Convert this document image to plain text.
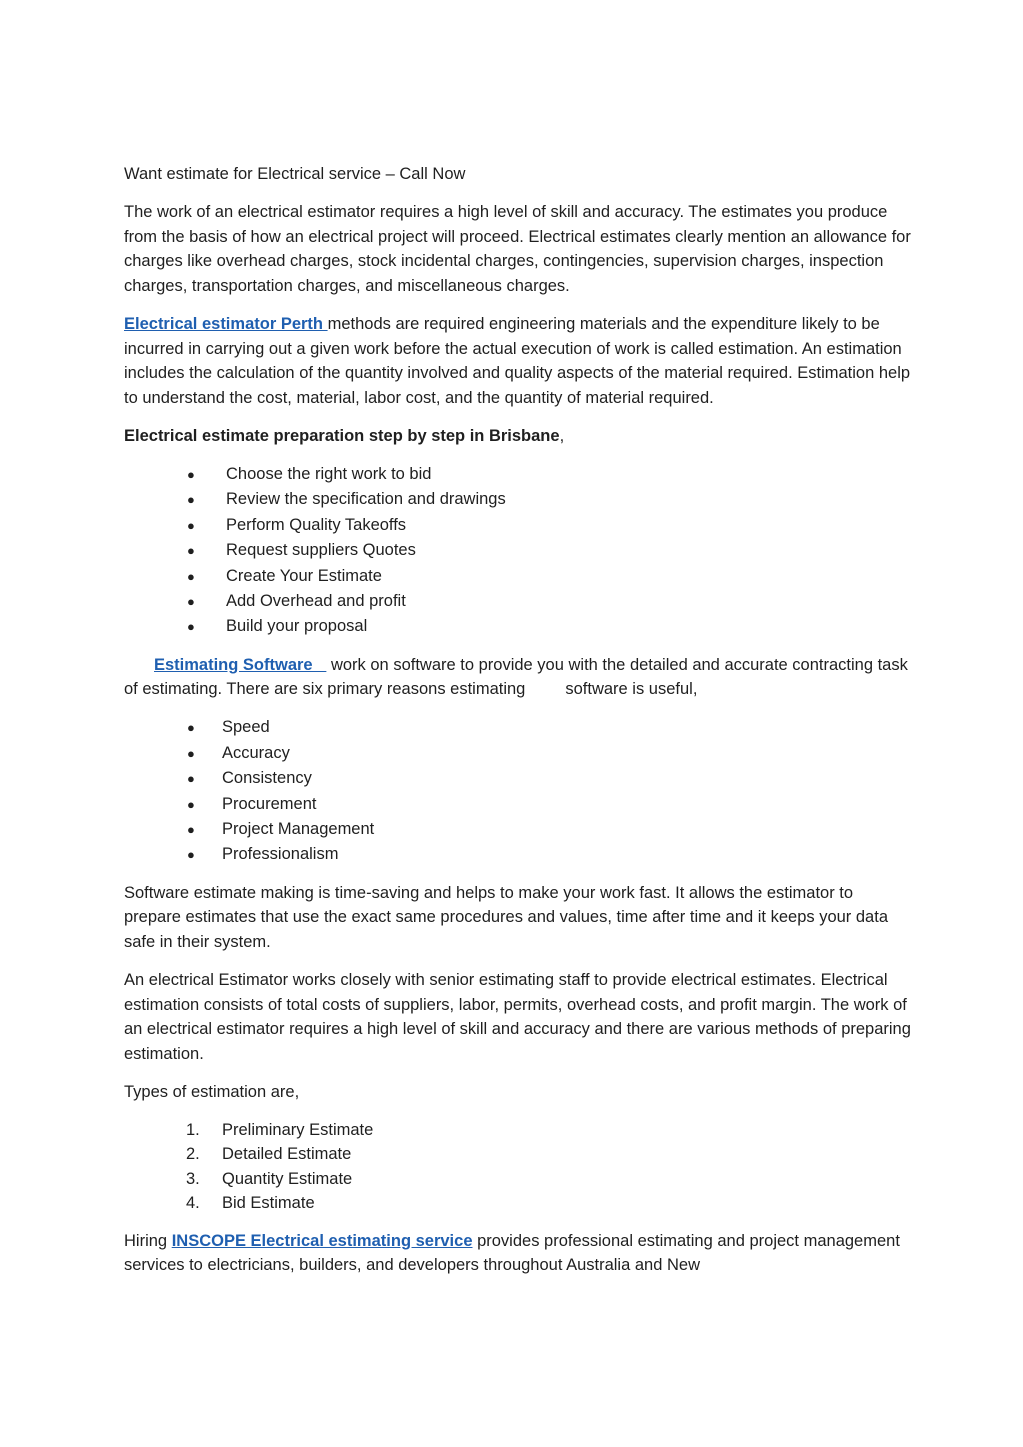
Want estimate for Electrical service – Call Now

The work of an electrical estimator requires a high level of skill and accuracy. The estimates you produce from the basis of how an electrical project will proceed. Electrical estimates clearly mention an allowance for charges like overhead charges, stock incidental charges, contingencies, supervision charges, inspection charges, transportation charges, and miscellaneous charges.

Electrical estimator Perth methods are required engineering materials and the expenditure likely to be incurred in carrying out a given work before the actual execution of work is called estimation. An estimation includes the calculation of the quantity involved and quality aspects of the material required. Estimation help to understand the cost, material, labor cost, and the quantity of material required.

Electrical estimate preparation step by step in Brisbane,

● Choose the right work to bid
● Review the specification and drawings
● Perform Quality Takeoffs
● Request suppliers Quotes
● Create Your Estimate
● Add Overhead and profit
● Build your proposal

Estimating Software    work on software to provide you with the detailed and accurate contracting task of estimating. There are six primary reasons estimating software is useful,

● Speed
● Accuracy
● Consistency
● Procurement
● Project Management
● Professionalism

Software estimate making is time-saving and helps to make your work fast. It allows the estimator to prepare estimates that use the exact same procedures and values, time after time and it keeps your data safe in their system.

An electrical Estimator works closely with senior estimating staff to provide electrical estimates. Electrical estimation consists of total costs of suppliers, labor, permits, overhead costs, and profit margin. The work of an electrical estimator requires a high level of skill and accuracy and there are various methods of preparing estimation.

Types of estimation are,

1. Preliminary Estimate
2. Detailed Estimate
3. Quantity Estimate
4. Bid Estimate

Hiring INSCOPE Electrical estimating service provides professional estimating and project management services to electricians, builders, and developers throughout Australia and New
